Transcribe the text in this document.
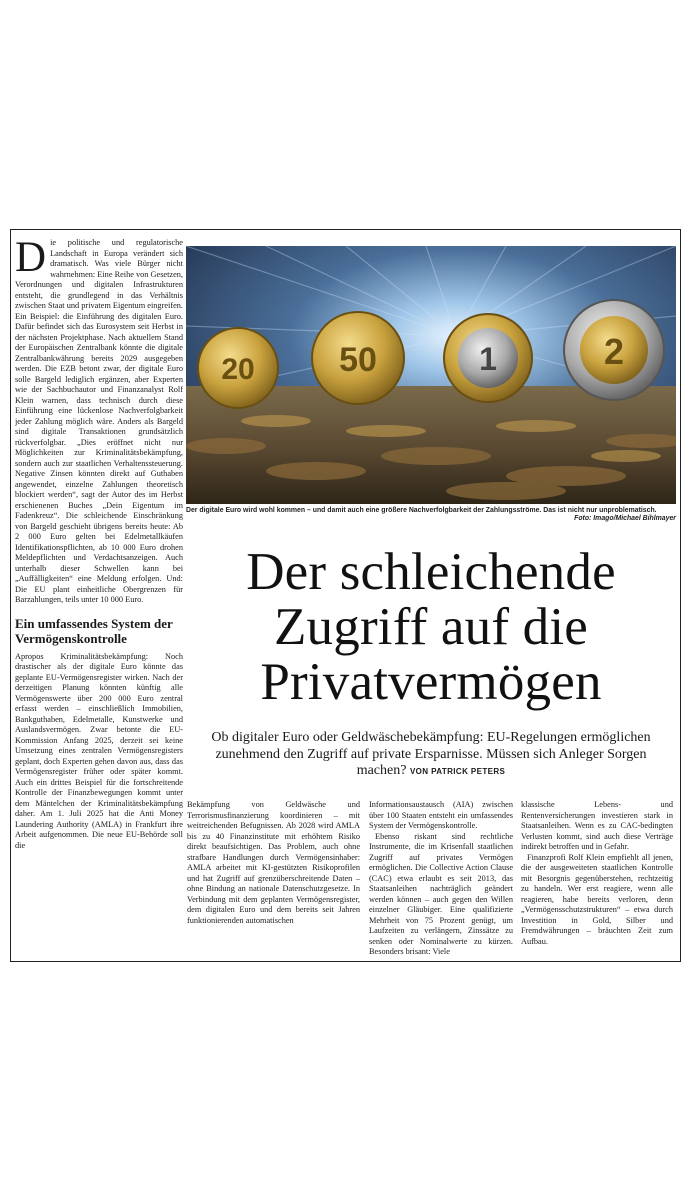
Die politische und regulatorische Landschaft in Europa verändert sich dramatisch. Was viele Bürger nicht wahrnehmen: Eine Reihe von Gesetzen, Verordnungen und digitalen Infrastrukturen entsteht, die grundlegend in das Verhältnis zwischen Staat und privatem Eigentum eingreifen. Ein Beispiel: die Einführung des digitalen Euro. Dafür befindet sich das Eurosystem seit Herbst in der nächsten Projektphase. Nach aktuellem Stand der Europäischen Zentralbank könnte die digitale Zentralbankwährung bereits 2029 ausgegeben werden. Die EZB betont zwar, der digitale Euro solle Bargeld lediglich ergänzen, aber Experten wie der Sachbuchautor und Finanzanalyst Rolf Klein warnen, dass technisch durch diese Einführung eine lückenlose Nachverfolgbarkeit jeder Zahlung möglich wäre. Anders als Bargeld sind digitale Transaktionen grundsätzlich rückverfolgbar. „Dies eröffnet nicht nur Möglichkeiten zur Kriminalitätsbekämpfung, sondern auch zur staatlichen Verhaltenssteuerung. Negative Zinsen könnten direkt auf Guthaben angewendet, einzelne Zahlungen theoretisch blockiert werden“, sagt der Autor des im Herbst erschienenen Buches „Dein Eigentum im Fadenkreuz“. Die schleichende Einschränkung von Bargeld geschieht übrigens bereits heute: Ab 2 000 Euro gelten bei Edelmetallkäufen Identifikationspflichten, ab 10 000 Euro drohen Meldepflichten und Verdachtsanzeigen. Auch unterhalb dieser Schwellen kann bei „Auffälligkeiten“ eine Meldung erfolgen. Und: Die EU plant einheitliche Obergrenzen für Barzahlungen, teils unter 10 000 Euro.

Ein umfassendes System der Vermögenskontrolle

Apropos Kriminalitätsbekämpfung: Noch drastischer als der digitale Euro könnte das geplante EU-Vermögensregister wirken. Nach der derzeitigen Planung könnten künftig alle Vermögenswerte über 200 000 Euro zentral erfasst werden – einschließlich Immobilien, Bankguthaben, Edelmetalle, Kunstwerke und Auslandsvermögen. Zwar betonte die EU-Kommission Anfang 2025, derzeit sei keine Umsetzung eines zentralen Vermögensregisters geplant, doch Experten gehen davon aus, dass das Vermögensregister früher oder später kommt. Auch ein drittes Beispiel für die fortschreitende Kontrolle der Finanzbewegungen kommt unter dem Mäntelchen der Kriminalitätsbekämpfung daher. Am 1. Juli 2025 hat die Anti Money Laundering Authority (AMLA) in Frankfurt ihre Arbeit aufgenommen. Die neue EU-Behörde soll die

20 50	1	2
Der digitale Euro wird wohl kommen – und damit auch eine größere Nachverfolgbarkeit der Zahlungsströme. Das ist nicht nur unproblematisch.
Foto: Imago/Michael Bihlmayer
Der schleichende
Zugriff auf die
Privatvermögen

Ob digitaler Euro oder Geldwäschebekämpfung: EU-Regelungen ermöglichen zunehmend den Zugriff auf private Ersparnisse. Müssen sich Anleger Sorgen machen? VON PATRICK PETERS

Bekämpfung von Geldwäsche und Terrorismusfinanzierung koordinieren – mit weitreichenden Befugnissen. Ab 2028 wird AMLA bis zu 40 Finanzinstitute mit erhöhtem Risiko direkt beaufsichtigen. Das Problem, auch ohne strafbare Handlungen durch Vermögensinhaber: AMLA arbeitet mit KI-gestützten Risikoprofilen und hat Zugriff auf grenzüberschreitende Daten – ohne Bindung an nationale Datenschutzgesetze. In Verbindung mit dem geplanten Vermögensregister, dem digitalen Euro und dem bereits seit Jahren funktionierenden automatischen

Informationsaustausch (AIA) zwischen über 100 Staaten entsteht ein umfassendes System der Vermögenskontrolle.

Ebenso riskant sind rechtliche Instrumente, die im Krisenfall staatlichen Zugriff auf privates Vermögen ermöglichen. Die Collective Action Clause (CAC) etwa erlaubt es seit 2013, das Staatsanleihen nachträglich geändert werden können – auch gegen den Willen einzelner Gläubiger. Eine qualifizierte Mehrheit von 75 Prozent genügt, um Laufzeiten zu verlängern, Zinssätze zu senken oder Nominalwerte zu kürzen. Besonders brisant: Viele

klassische Lebens- und Rentenversicherungen investieren stark in Staatsanleihen. Wenn es zu CAC-bedingten Verlusten kommt, sind auch diese Verträge indirekt betroffen und in Gefahr.

Finanzprofi Rolf Klein empfiehlt all jenen, die der ausgeweiteten staatlichen Kontrolle mit Besorgnis gegenüberstehen, rechtzeitig zu handeln. Wer erst reagiere, wenn alle reagieren, habe bereits verloren, denn „Vermögensschutzstrukturen“ – etwa durch Investition in Gold, Silber und Fremdwährungen – bräuchten Zeit zum Aufbau.
